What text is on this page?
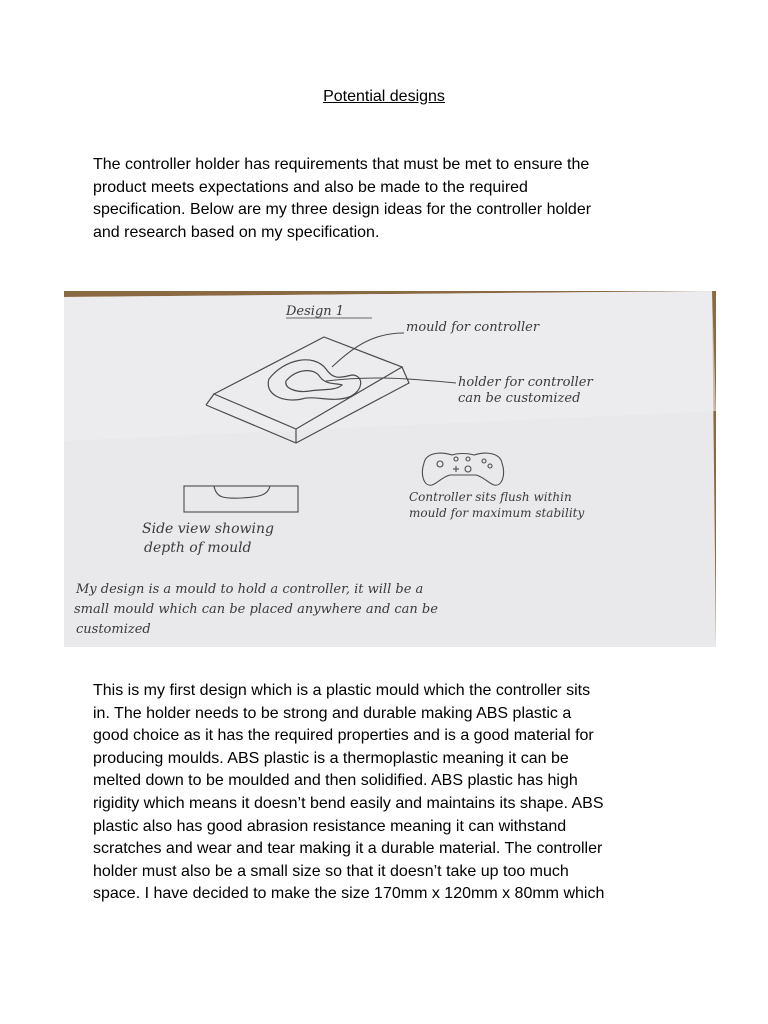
Potential designs
The controller holder has requirements that must be met to ensure the
product meets expectations and also be made to the required
specification. Below are my three design ideas for the controller holder
and research based on my specification.
Design 1
mould for controller
holder for controller
can be customized
Controller sits flush within
mould for maximum stability
Side view showing
depth of mould
My design is a mould to hold a controller, it will be a
small mould which can be placed anywhere and can be
customized
This is my first design which is a plastic mould which the controller sits
in. The holder needs to be strong and durable making ABS plastic a
good choice as it has the required properties and is a good material for
producing moulds. ABS plastic is a thermoplastic meaning it can be
melted down to be moulded and then solidified. ABS plastic has high
rigidity which means it doesn’t bend easily and maintains its shape. ABS
plastic also has good abrasion resistance meaning it can withstand
scratches and wear and tear making it a durable material. The controller
holder must also be a small size so that it doesn’t take up too much
space. I have decided to make the size 170mm x 120mm x 80mm which
